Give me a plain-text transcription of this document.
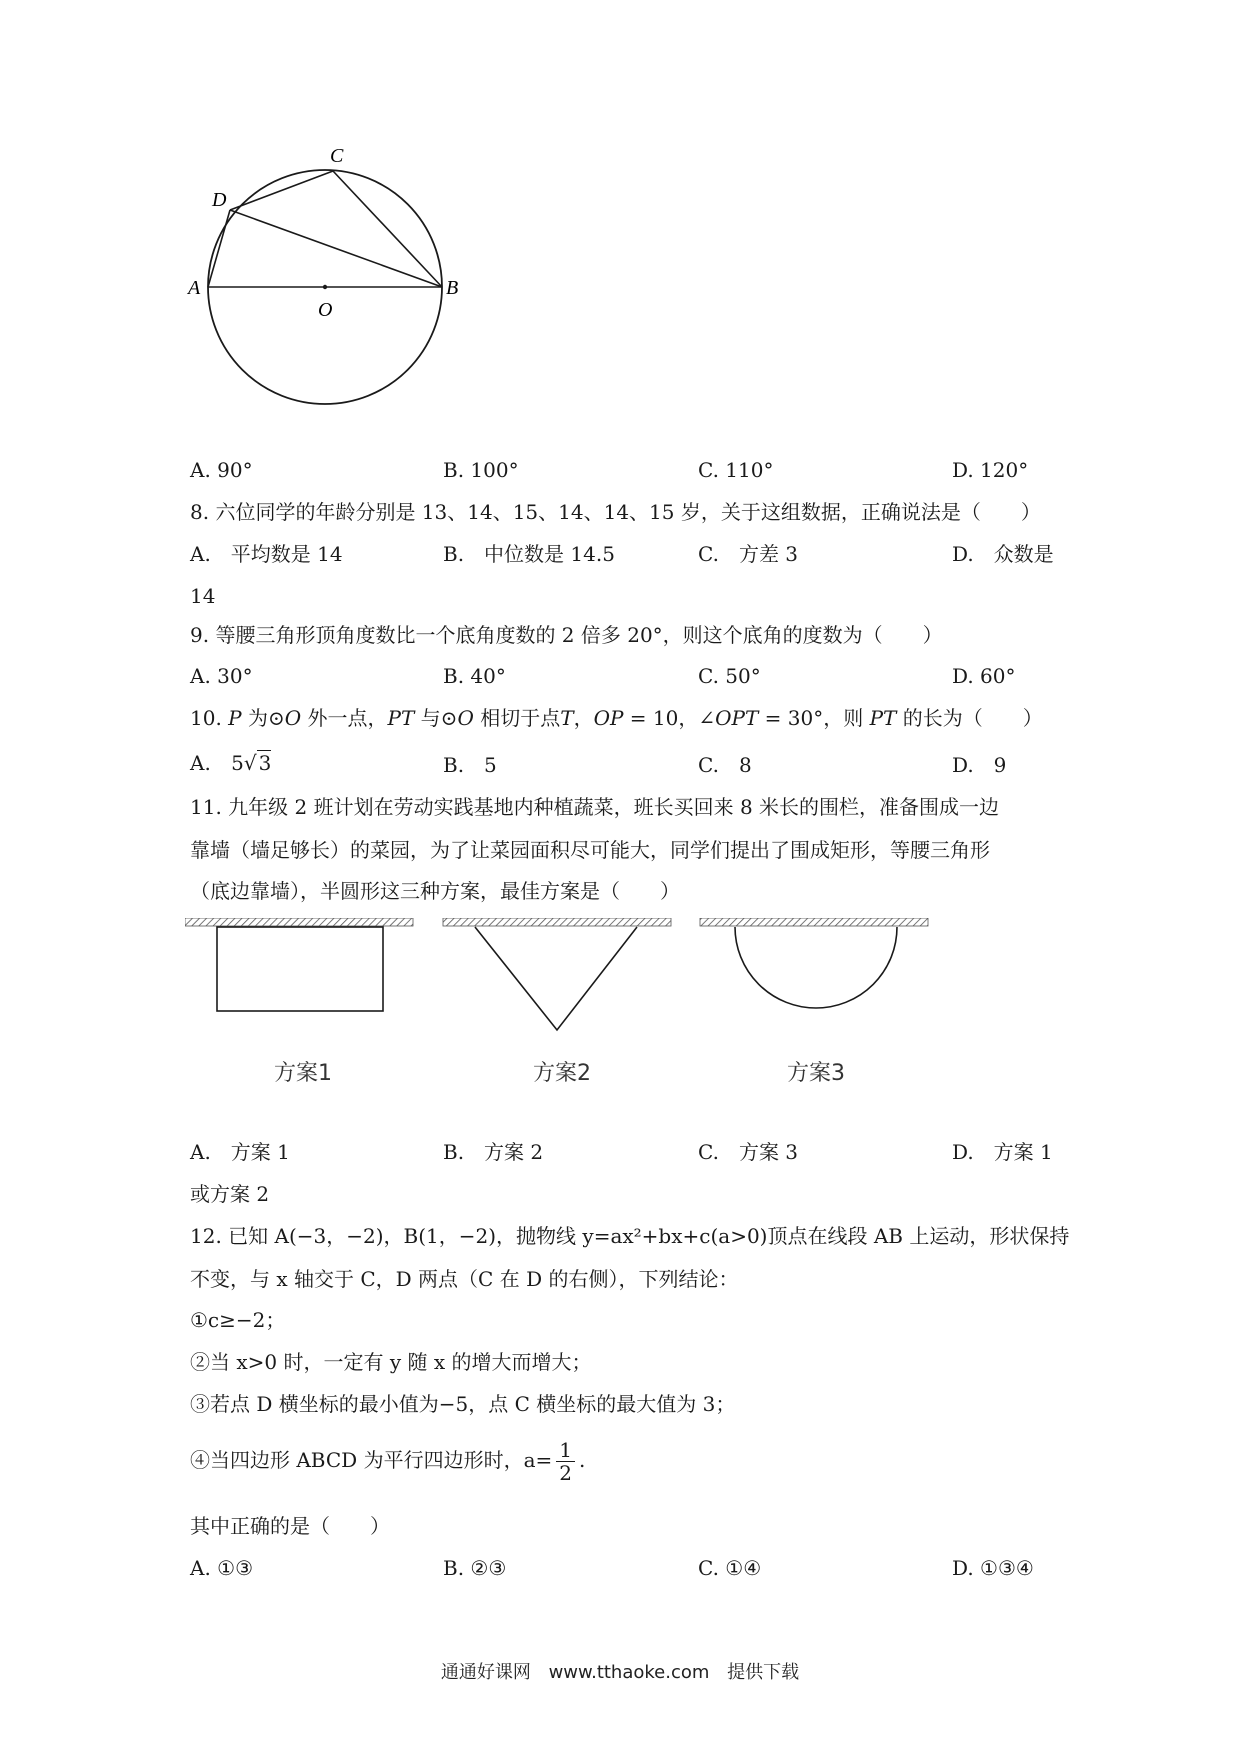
A	B
C
D
O
A. 90°	B. 100°	C. 110°	D. 120°
8. 六位同学的年龄分别是 13、14、15、14、14、15 岁，关于这组数据，正确说法是（　　）
A.　平均数是 14	B.　中位数是 14.5	C.　方差 3	D.　众数是
14
9. 等腰三角形顶角度数比一个底角度数的 2 倍多 20°，则这个底角的度数为（　　）
A. 30°	B. 40°	C. 50°	D. 60°
10. P 为⊙O 外一点，PT 与⊙O 相切于点T，OP = 10，∠OPT = 30°，则 PT 的长为（　　）
A. 5√ 3	B.　5	C.　8	D.　9
11. 九年级 2 班计划在劳动实践基地内种植蔬菜，班长买回来 8 米长的围栏，准备围成一边
靠墙（墙足够长）的菜园，为了让菜园面积尽可能大，同学们提出了围成矩形，等腰三角形
（底边靠墙），半圆形这三种方案，最佳方案是（　　）
方案1	方案2	方案3
A.　方案 1	B.　方案 2	C.　方案 3	D.　方案 1
或方案 2
12. 已知 A(−3，−2)，B(1，−2)，抛物线 y=ax²+bx+c(a>0)顶点在线段 AB 上运动，形状保持
不变，与 x 轴交于 C，D 两点（C 在 D 的右侧），下列结论：
①c≥−2；
②当 x>0 时，一定有 y 随 x 的增大而增大；
③若点 D 横坐标的最小值为−5，点 C 横坐标的最大值为 3；
④当四边形 ABCD 为平行四边形时，$a= \frac{1}{2}$ .
其中正确的是（　　）
A. ①③	B. ②③	C. ①④	D. ①③④
通通好课网 www.tthaoke.com 提供下载
